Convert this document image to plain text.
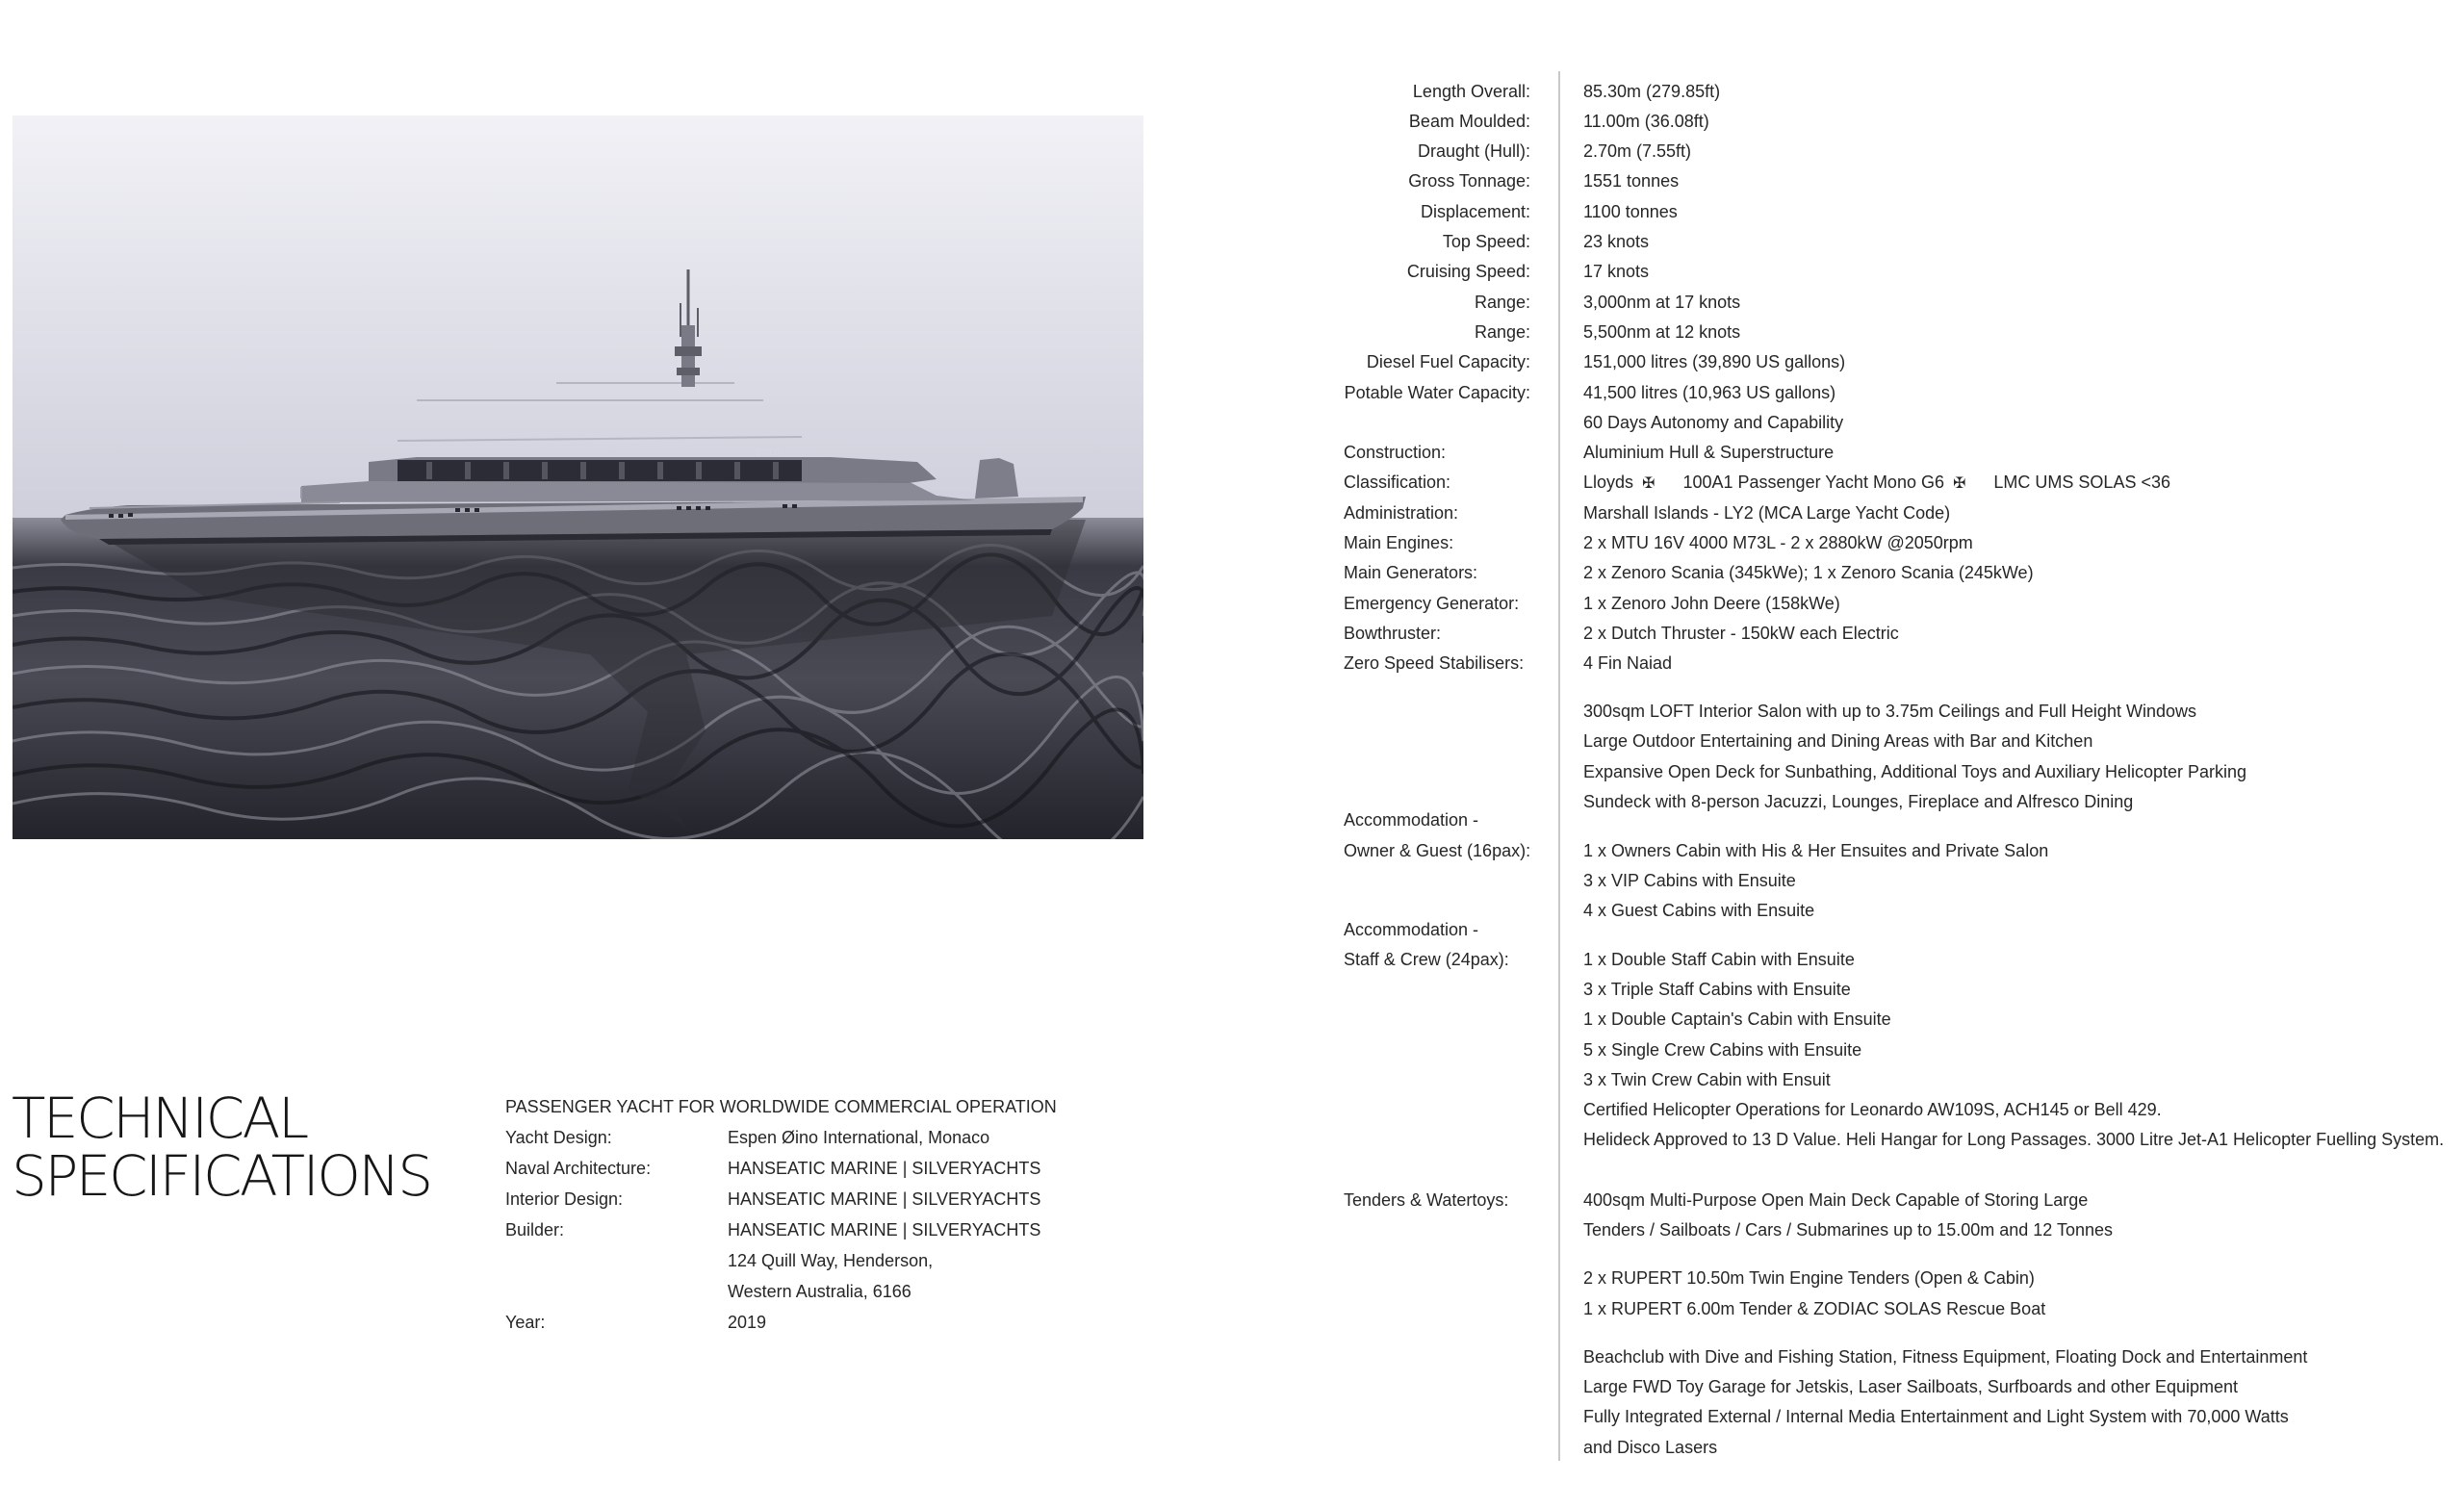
BOLD
TECHNICAL
SPECIFICATIONS
PASSENGER YACHT FOR WORLDWIDE COMMERCIAL OPERATION
Yacht Design:	Espen Øino International, Monaco
Naval Architecture:	HANSEATIC MARINE | SILVERYACHTS
Interior Design:	HANSEATIC MARINE | SILVERYACHTS
Builder:	HANSEATIC MARINE | SILVERYACHTS
124 Quill Way, Henderson,
Western Australia, 6166
Year:	2019
Length Overall:	85.30m (279.85ft)
Beam Moulded:	11.00m (36.08ft)
Draught (Hull):	2.70m (7.55ft)
Gross Tonnage:	1551 tonnes
Displacement:	1100 tonnes
Top Speed:	23 knots
Cruising Speed:	17 knots
Range:	3,000nm at 17 knots
Range:	5,500nm at 12 knots
Diesel Fuel Capacity:	151,000 litres (39,890 US gallons)
Potable Water Capacity:	41,500 litres (10,963 US gallons)
60 Days Autonomy and Capability
Construction:	Aluminium Hull & Superstructure
Classification:	Lloyds ✠ 100A1 Passenger Yacht Mono G6 ✠ LMC UMS SOLAS <36
Administration:	Marshall Islands - LY2 (MCA Large Yacht Code)
Main Engines:	2 x MTU 16V 4000 M73L - 2 x 2880kW @2050rpm
Main Generators:	2 x Zenoro Scania (345kWe); 1 x Zenoro Scania (245kWe)
Emergency Generator:	1 x Zenoro John Deere (158kWe)
Bowthruster:	2 x Dutch Thruster - 150kW each Electric
Zero Speed Stabilisers:	4 Fin Naiad
300sqm LOFT Interior Salon with up to 3.75m Ceilings and Full Height Windows
Large Outdoor Entertaining and Dining Areas with Bar and Kitchen
Expansive Open Deck for Sunbathing, Additional Toys and Auxiliary Helicopter Parking
Sundeck with 8-person Jacuzzi, Lounges, Fireplace and Alfresco Dining
Accommodation -
Owner & Guest (16pax):	1 x Owners Cabin with His & Her Ensuites and Private Salon
3 x VIP Cabins with Ensuite
4 x Guest Cabins with Ensuite
Accommodation -
Staff & Crew (24pax):	1 x Double Staff Cabin with Ensuite
3 x Triple Staff Cabins with Ensuite
1 x Double Captain's Cabin with Ensuite
5 x Single Crew Cabins with Ensuite
3 x Twin Crew Cabin with Ensuit
Certified Helicopter Operations for Leonardo AW109S, ACH145 or Bell 429.
Helideck Approved to 13 D Value. Heli Hangar for Long Passages. 3000 Litre Jet-A1 Helicopter Fuelling System.
Tenders & Watertoys:	400sqm Multi-Purpose Open Main Deck Capable of Storing Large
Tenders / Sailboats / Cars / Submarines up to 15.00m and 12 Tonnes
2 x RUPERT 10.50m Twin Engine Tenders (Open & Cabin)
1 x RUPERT 6.00m Tender & ZODIAC SOLAS Rescue Boat
Beachclub with Dive and Fishing Station, Fitness Equipment, Floating Dock and Entertainment
Large FWD Toy Garage for Jetskis, Laser Sailboats, Surfboards and other Equipment
Fully Integrated External / Internal Media Entertainment and Light System with 70,000 Watts
and Disco Lasers
